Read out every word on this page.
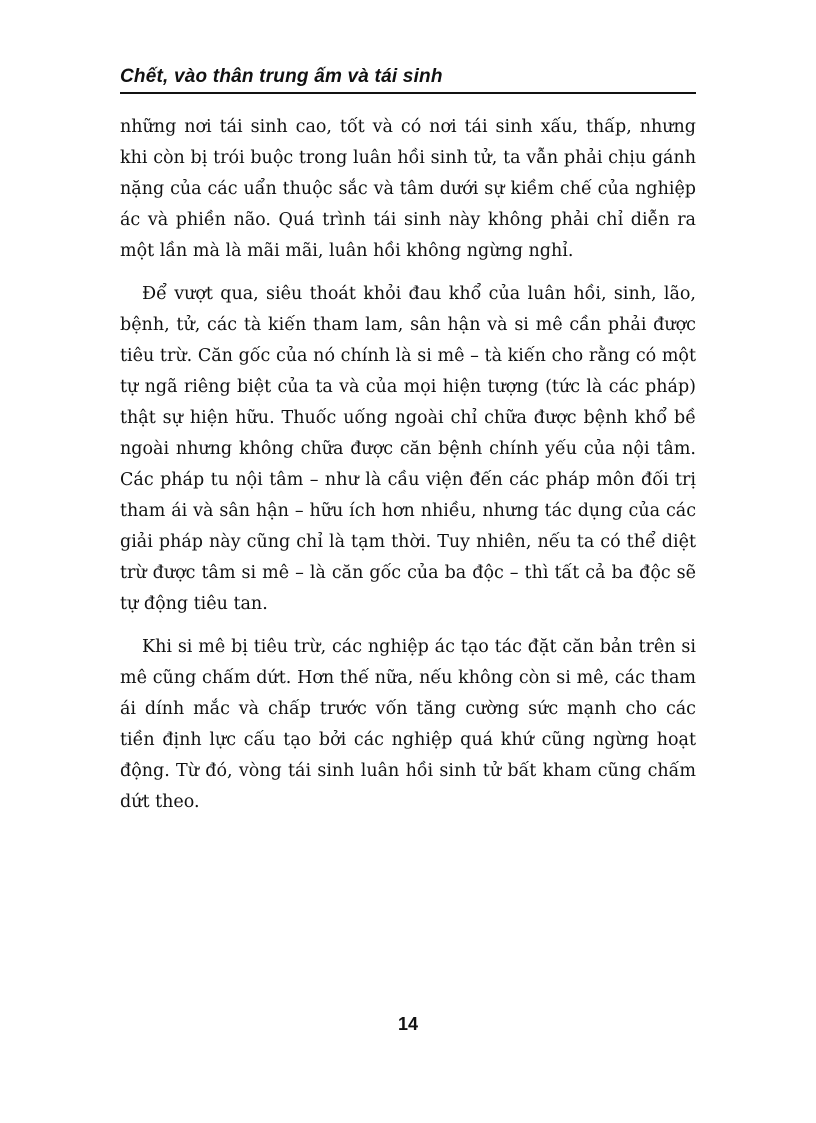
Chết, vào thân trung ấm và tái sinh

những nơi tái sinh cao, tốt và có nơi tái sinh xấu, thấp, nhưng khi còn bị trói buộc trong luân hồi sinh tử, ta vẫn phải chịu gánh nặng của các uẩn thuộc sắc và tâm dưới sự kiềm chế của nghiệp ác và phiền não. Quá trình tái sinh này không phải chỉ diễn ra một lần mà là mãi mãi, luân hồi không ngừng nghỉ.

Để vượt qua, siêu thoát khỏi đau khổ của luân hồi, sinh, lão, bệnh, tử, các tà kiến tham lam, sân hận và si mê cần phải được tiêu trừ. Căn gốc của nó chính là si mê – tà kiến cho rằng có một tự ngã riêng biệt của ta và của mọi hiện tượng (tức là các pháp) thật sự hiện hữu. Thuốc uống ngoài chỉ chữa được bệnh khổ bề ngoài nhưng không chữa được căn bệnh chính yếu của nội tâm. Các pháp tu nội tâm – như là cầu viện đến các pháp môn đối trị tham ái và sân hận – hữu ích hơn nhiều, nhưng tác dụng của các giải pháp này cũng chỉ là tạm thời. Tuy nhiên, nếu ta có thể diệt trừ được tâm si mê – là căn gốc của ba độc – thì tất cả ba độc sẽ tự động tiêu tan.

Khi si mê bị tiêu trừ, các nghiệp ác tạo tác đặt căn bản trên si mê cũng chấm dứt. Hơn thế nữa, nếu không còn si mê, các tham ái dính mắc và chấp trước vốn tăng cường sức mạnh cho các tiền định lực cấu tạo bởi các nghiệp quá khứ cũng ngừng hoạt động. Từ đó, vòng tái sinh luân hồi sinh tử bất kham cũng chấm dứt theo.

14
